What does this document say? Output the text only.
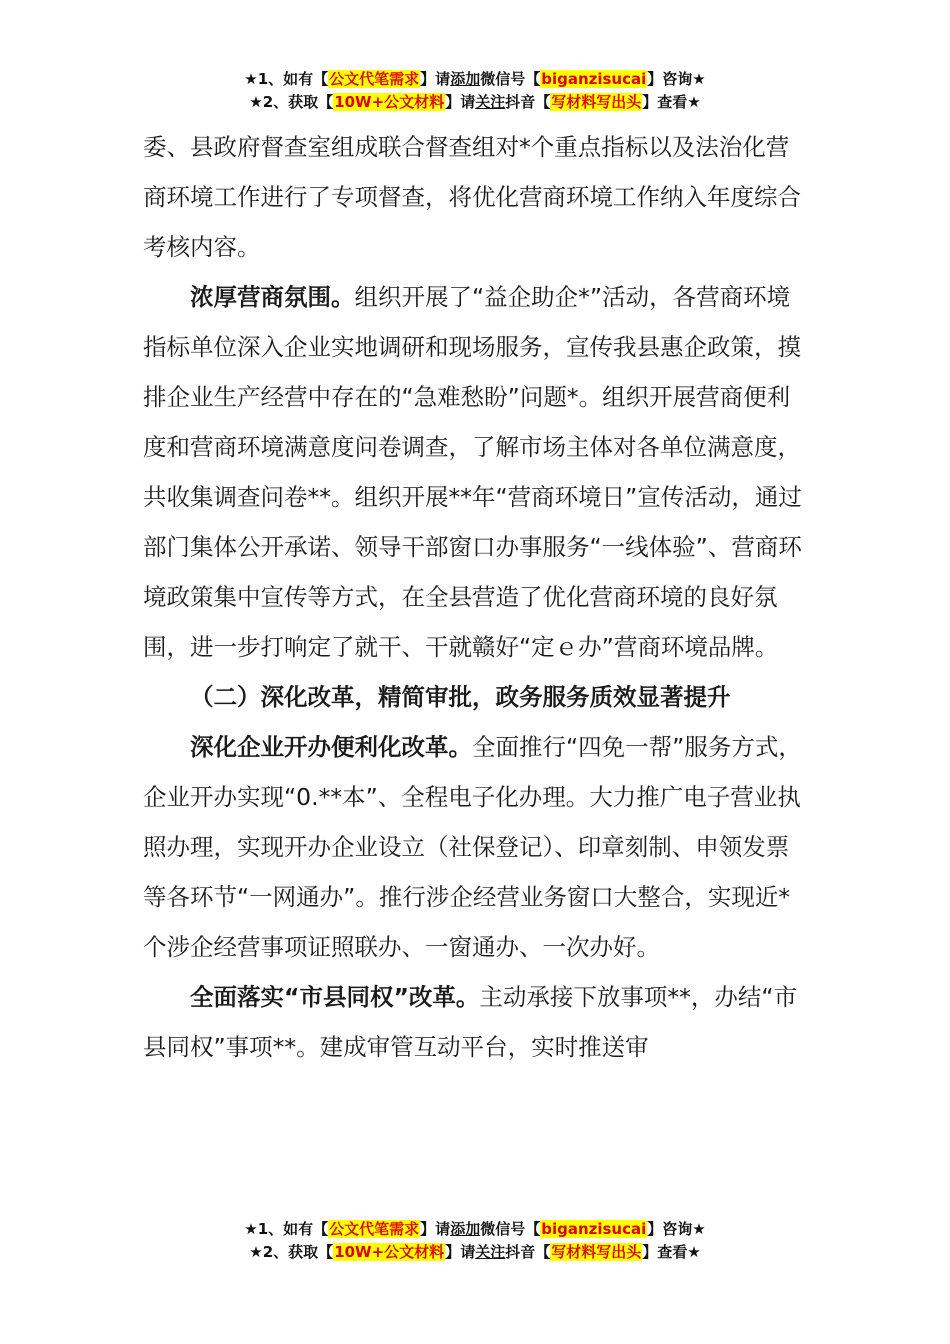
★1、如有【公文代笔需求】请添加微信号【biganzisucai】咨询★
★2、获取【10W+公文材料】请关注抖音【写材料写出头】查看★

委、县政府督查室组成联合督查组对*个重点指标以及法治化营商环境工作进行了专项督查，将优化营商环境工作纳入年度综合考核内容。

浓厚营商氛围。组织开展了“益企助企*”活动，各营商环境指标单位深入企业实地调研和现场服务，宣传我县惠企政策，摸排企业生产经营中存在的“急难愁盼”问题*。组织开展营商便利度和营商环境满意度问卷调查，了解市场主体对各单位满意度，共收集调查问卷**。组织开展**年“营商环境日”宣传活动，通过部门集体公开承诺、领导干部窗口办事服务“一线体验”、营商环境政策集中宣传等方式，在全县营造了优化营商环境的良好氛围，进一步打响定了就干、干就赣好“定ｅ办”营商环境品牌。

（二）深化改革，精简审批，政务服务质效显著提升

深化企业开办便利化改革。全面推行“四免一帮”服务方式，企业开办实现“0.**本”、全程电子化办理。大力推广电子营业执照办理，实现开办企业设立（社保登记）、印章刻制、申领发票等各环节“一网通办”。推行涉企经营业务窗口大整合，实现近*个涉企经营事项证照联办、一窗通办、一次办好。

全面落实“市县同权”改革。主动承接下放事项**，办结“市县同权”事项**。建成审管互动平台，实时推送审

★1、如有【公文代笔需求】请添加微信号【biganzisucai】咨询★
★2、获取【10W+公文材料】请关注抖音【写材料写出头】查看★
